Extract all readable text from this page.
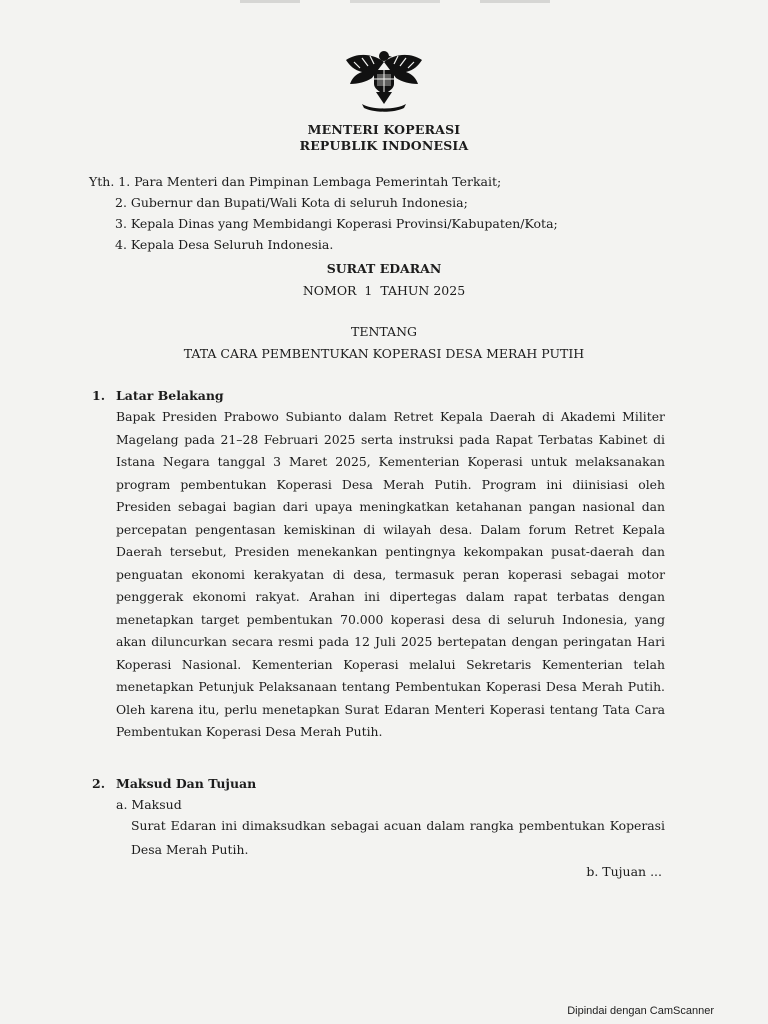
MENTERI KOPERASI
REPUBLIK INDONESIA
Yth. 1. Para Menteri dan Pimpinan Lembaga Pemerintah Terkait;
2. Gubernur dan Bupati/Wali Kota di seluruh Indonesia;
3. Kepala Dinas yang Membidangi Koperasi Provinsi/Kabupaten/Kota;
4. Kepala Desa Seluruh Indonesia.
SURAT EDARAN
NOMOR  1  TAHUN 2025
TENTANG
TATA CARA PEMBENTUKAN KOPERASI DESA MERAH PUTIH
1. Latar Belakang
Bapak Presiden Prabowo Subianto dalam Retret Kepala Daerah di Akademi Militer Magelang pada 21–28 Februari 2025 serta instruksi pada Rapat Terbatas Kabinet di Istana Negara tanggal 3 Maret 2025, Kementerian Koperasi untuk melaksanakan program pembentukan Koperasi Desa Merah Putih. Program ini diinisiasi oleh Presiden sebagai bagian dari upaya meningkatkan ketahanan pangan nasional dan percepatan pengentasan kemiskinan di wilayah desa. Dalam forum Retret Kepala Daerah tersebut, Presiden menekankan pentingnya kekompakan pusat-daerah dan penguatan ekonomi kerakyatan di desa, termasuk peran koperasi sebagai motor penggerak ekonomi rakyat. Arahan ini dipertegas dalam rapat terbatas dengan menetapkan target pembentukan 70.000 koperasi desa di seluruh Indonesia, yang akan diluncurkan secara resmi pada 12 Juli 2025 bertepatan dengan peringatan Hari Koperasi Nasional. Kementerian Koperasi melalui Sekretaris Kementerian telah menetapkan Petunjuk Pelaksanaan tentang Pembentukan Koperasi Desa Merah Putih. Oleh karena itu, perlu menetapkan Surat Edaran Menteri Koperasi tentang Tata Cara Pembentukan Koperasi Desa Merah Putih.
2. Maksud Dan Tujuan
a. Maksud
Surat Edaran ini dimaksudkan sebagai acuan dalam rangka pembentukan Koperasi Desa Merah Putih.
b. Tujuan ...
Dipindai dengan CamScanner
